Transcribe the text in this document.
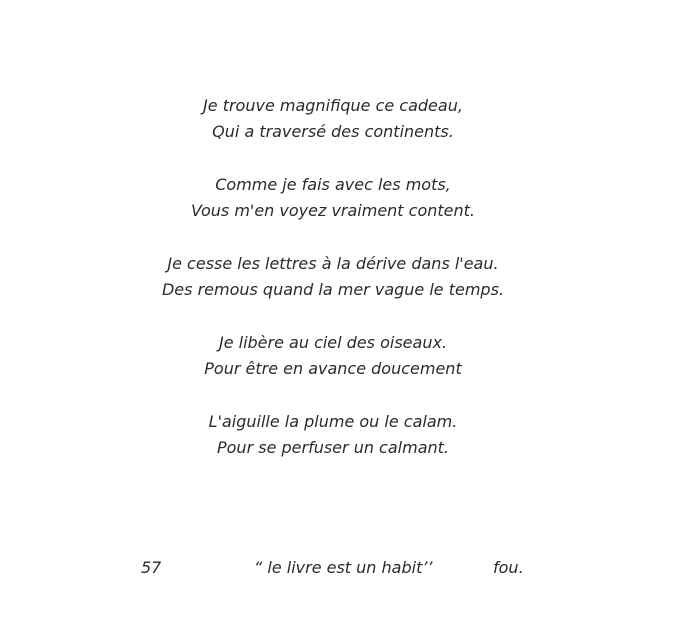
Je trouve magnifique ce cadeau,
Qui a traversé des continents.
Comme je fais avec les mots,
Vous m'en voyez vraiment content.
Je cesse les lettres à la dérive dans l'eau.
Des remous quand la mer vague le temps.
Je libère au ciel des oiseaux.
Pour être en avance doucement
L'aiguille la plume ou le calam.
Pour se perfuser un calmant.
57	“ le livre est un habit’’	fou.
